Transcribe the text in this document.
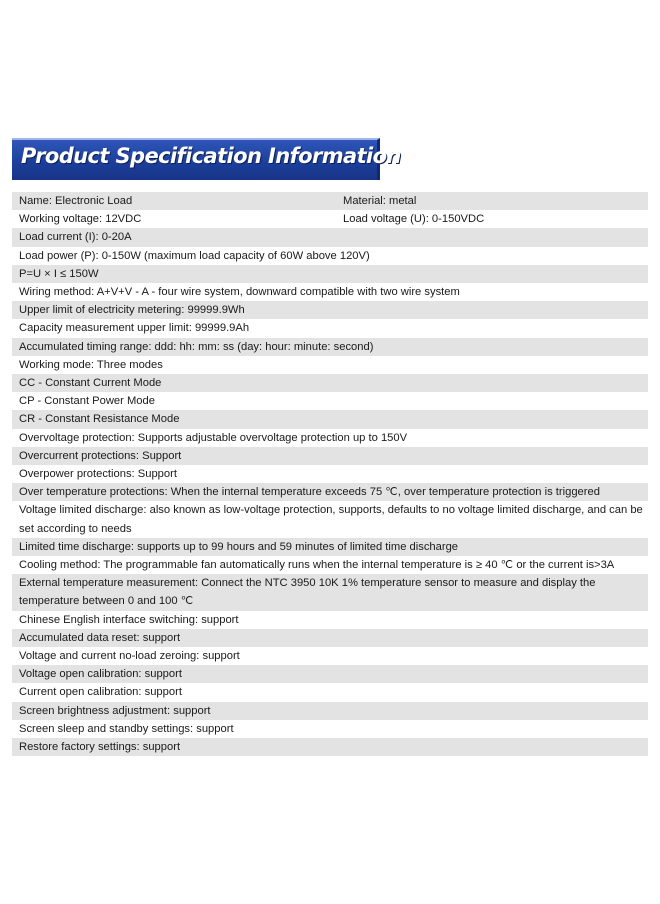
Product Specification Information
Name: Electronic Load	Material: metal
Working voltage: 12VDC	Load voltage (U): 0-150VDC
Load current (I): 0-20A
Load power (P): 0-150W (maximum load capacity of 60W above 120V)
P=U × I ≤ 150W
Wiring method: A+V+V - A - four wire system, downward compatible with two wire system
Upper limit of electricity metering: 99999.9Wh
Capacity measurement upper limit: 99999.9Ah
Accumulated timing range: ddd: hh: mm: ss (day: hour: minute: second)
Working mode: Three modes
CC - Constant Current Mode
CP - Constant Power Mode
CR - Constant Resistance Mode
Overvoltage protection: Supports adjustable overvoltage protection up to 150V
Overcurrent protections: Support
Overpower protections: Support
Over temperature protections: When the internal temperature exceeds 75 ℃, over temperature protection is triggered
Voltage limited discharge: also known as low-voltage protection, supports, defaults to no voltage limited discharge, and can be set according to needs
Limited time discharge: supports up to 99 hours and 59 minutes of limited time discharge
Cooling method: The programmable fan automatically runs when the internal temperature is ≥ 40 ℃ or the current is>3A
External temperature measurement: Connect the NTC 3950 10K 1% temperature sensor to measure and display the temperature between 0 and 100 ℃
Chinese English interface switching: support
Accumulated data reset: support
Voltage and current no-load zeroing: support
Voltage open calibration: support
Current open calibration: support
Screen brightness adjustment: support
Screen sleep and standby settings: support
Restore factory settings: support
